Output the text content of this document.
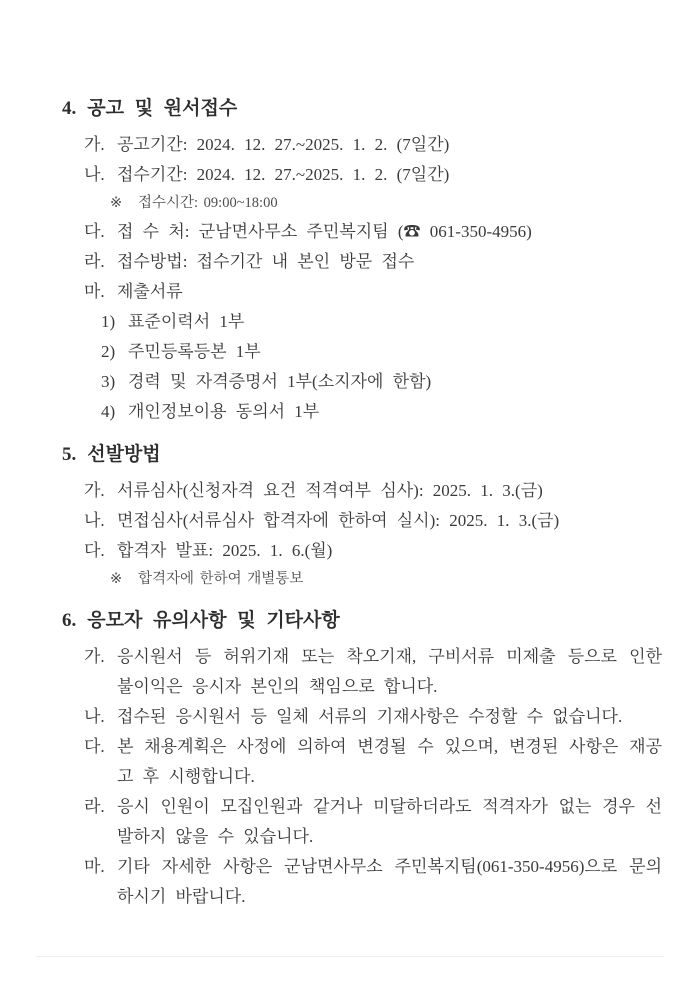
4. 공고 및 원서접수
가. 공고기간: 2024. 12. 27.~2025. 1. 2. (7일간)
나. 접수기간: 2024. 12. 27.~2025. 1. 2. (7일간)
※	접수시간: 09:00~18:00
다. 접 수 처: 군남면사무소 주민복지팀 (☎ 061-350-4956)
라. 접수방법: 접수기간 내 본인 방문 접수
마. 제출서류
1) 표준이력서 1부
2) 주민등록등본 1부
3) 경력 및 자격증명서 1부(소지자에 한함)
4) 개인정보이용 동의서 1부
5. 선발방법
가. 서류심사(신청자격 요건 적격여부 심사): 2025. 1. 3.(금)
나. 면접심사(서류심사 합격자에 한하여 실시): 2025. 1. 3.(금)
다. 합격자 발표: 2025. 1. 6.(월)
※	합격자에 한하여 개별통보
6. 응모자 유의사항 및 기타사항
가. 응시원서 등 허위기재 또는 착오기재, 구비서류 미제출 등으로 인한 불이익은 응시자 본인의 책임으로 합니다.
나. 접수된 응시원서 등 일체 서류의 기재사항은 수정할 수 없습니다.
다. 본 채용계획은 사정에 의하여 변경될 수 있으며, 변경된 사항은 재공고 후 시행합니다.
라. 응시 인원이 모집인원과 같거나 미달하더라도 적격자가 없는 경우 선발하지 않을 수 있습니다.
마. 기타 자세한 사항은 군남면사무소 주민복지팀(061-350-4956)으로 문의하시기 바랍니다.
